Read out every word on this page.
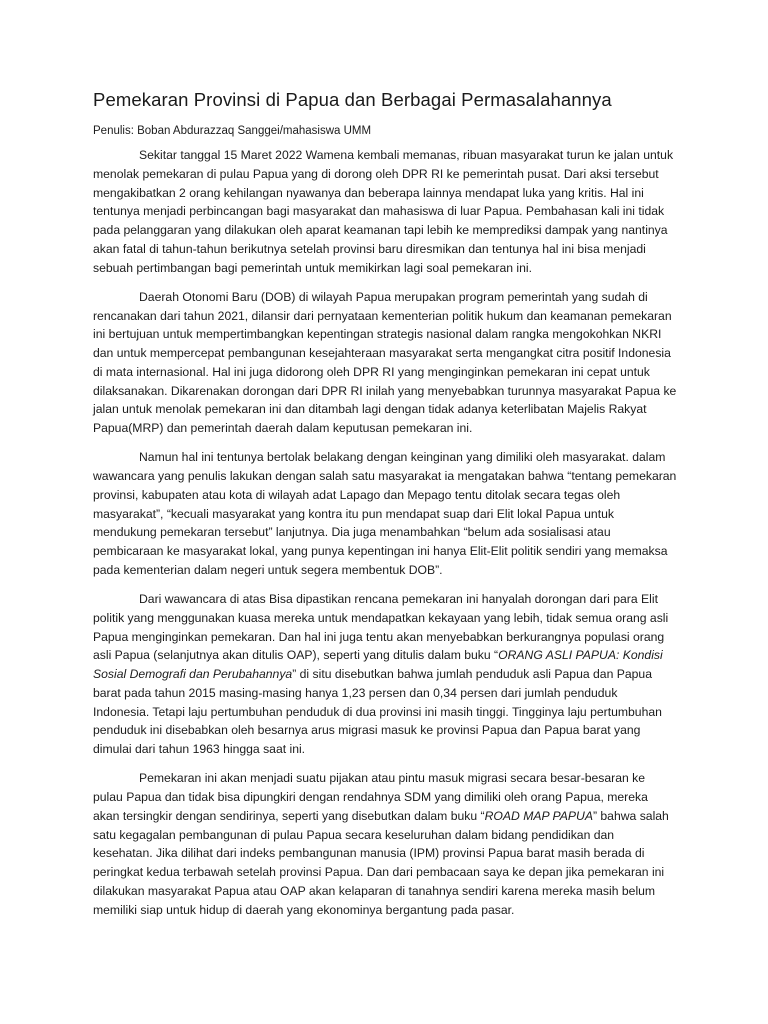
Pemekaran Provinsi di Papua dan Berbagai Permasalahannya
Penulis: Boban Abdurazzaq Sanggei/mahasiswa UMM

Sekitar tanggal 15 Maret 2022 Wamena kembali memanas, ribuan masyarakat turun ke jalan untuk menolak pemekaran di pulau Papua yang di dorong oleh DPR RI ke pemerintah pusat. Dari aksi tersebut mengakibatkan 2 orang kehilangan nyawanya dan beberapa lainnya mendapat luka yang kritis. Hal ini tentunya menjadi perbincangan bagi masyarakat dan mahasiswa di luar Papua. Pembahasan kali ini tidak pada pelanggaran yang dilakukan oleh aparat keamanan tapi lebih ke memprediksi dampak yang nantinya akan fatal di tahun-tahun berikutnya setelah provinsi baru diresmikan dan tentunya hal ini bisa menjadi sebuah pertimbangan bagi pemerintah untuk memikirkan lagi soal pemekaran ini.

Daerah Otonomi Baru (DOB) di wilayah Papua merupakan program pemerintah yang sudah di rencanakan dari tahun 2021, dilansir dari pernyataan kementerian politik hukum dan keamanan pemekaran ini bertujuan untuk mempertimbangkan kepentingan strategis nasional dalam rangka mengokohkan NKRI dan untuk mempercepat pembangunan kesejahteraan masyarakat serta mengangkat citra positif Indonesia di mata internasional. Hal ini juga didorong oleh DPR RI yang menginginkan pemekaran ini cepat untuk dilaksanakan. Dikarenakan dorongan dari DPR RI inilah yang menyebabkan turunnya masyarakat Papua ke jalan untuk menolak pemekaran ini dan ditambah lagi dengan tidak adanya keterlibatan Majelis Rakyat Papua(MRP) dan pemerintah daerah dalam keputusan pemekaran ini.

Namun hal ini tentunya bertolak belakang dengan keinginan yang dimiliki oleh masyarakat. dalam wawancara yang penulis lakukan dengan salah satu masyarakat ia mengatakan bahwa “tentang pemekaran provinsi, kabupaten atau kota di wilayah adat Lapago dan Mepago tentu ditolak secara tegas oleh masyarakat”, “kecuali masyarakat yang kontra itu pun mendapat suap dari Elit lokal Papua untuk mendukung pemekaran tersebut” lanjutnya. Dia juga menambahkan “belum ada sosialisasi atau pembicaraan ke masyarakat lokal, yang punya kepentingan ini hanya Elit-Elit politik sendiri yang memaksa pada kementerian dalam negeri untuk segera membentuk DOB”.

Dari wawancara di atas Bisa dipastikan rencana pemekaran ini hanyalah dorongan dari para Elit politik yang menggunakan kuasa mereka untuk mendapatkan kekayaan yang lebih, tidak semua orang asli Papua menginginkan pemekaran. Dan hal ini juga tentu akan menyebabkan berkurangnya populasi orang asli Papua (selanjutnya akan ditulis OAP), seperti yang ditulis dalam buku “ORANG ASLI PAPUA: Kondisi Sosial Demografi dan Perubahannya” di situ disebutkan bahwa jumlah penduduk asli Papua dan Papua barat pada tahun 2015 masing-masing hanya 1,23 persen dan 0,34 persen dari jumlah penduduk Indonesia. Tetapi laju pertumbuhan penduduk di dua provinsi ini masih tinggi. Tingginya laju pertumbuhan penduduk ini disebabkan oleh besarnya arus migrasi masuk ke provinsi Papua dan Papua barat yang dimulai dari tahun 1963 hingga saat ini.

Pemekaran ini akan menjadi suatu pijakan atau pintu masuk migrasi secara besar-besaran ke pulau Papua dan tidak bisa dipungkiri dengan rendahnya SDM yang dimiliki oleh orang Papua, mereka akan tersingkir dengan sendirinya, seperti yang disebutkan dalam buku “ROAD MAP PAPUA” bahwa salah satu kegagalan pembangunan di pulau Papua secara keseluruhan dalam bidang pendidikan dan kesehatan. Jika dilihat dari indeks pembangunan manusia (IPM) provinsi Papua barat masih berada di peringkat kedua terbawah setelah provinsi Papua. Dan dari pembacaan saya ke depan jika pemekaran ini dilakukan masyarakat Papua atau OAP akan kelaparan di tanahnya sendiri karena mereka masih belum memiliki siap untuk hidup di daerah yang ekonominya bergantung pada pasar.
